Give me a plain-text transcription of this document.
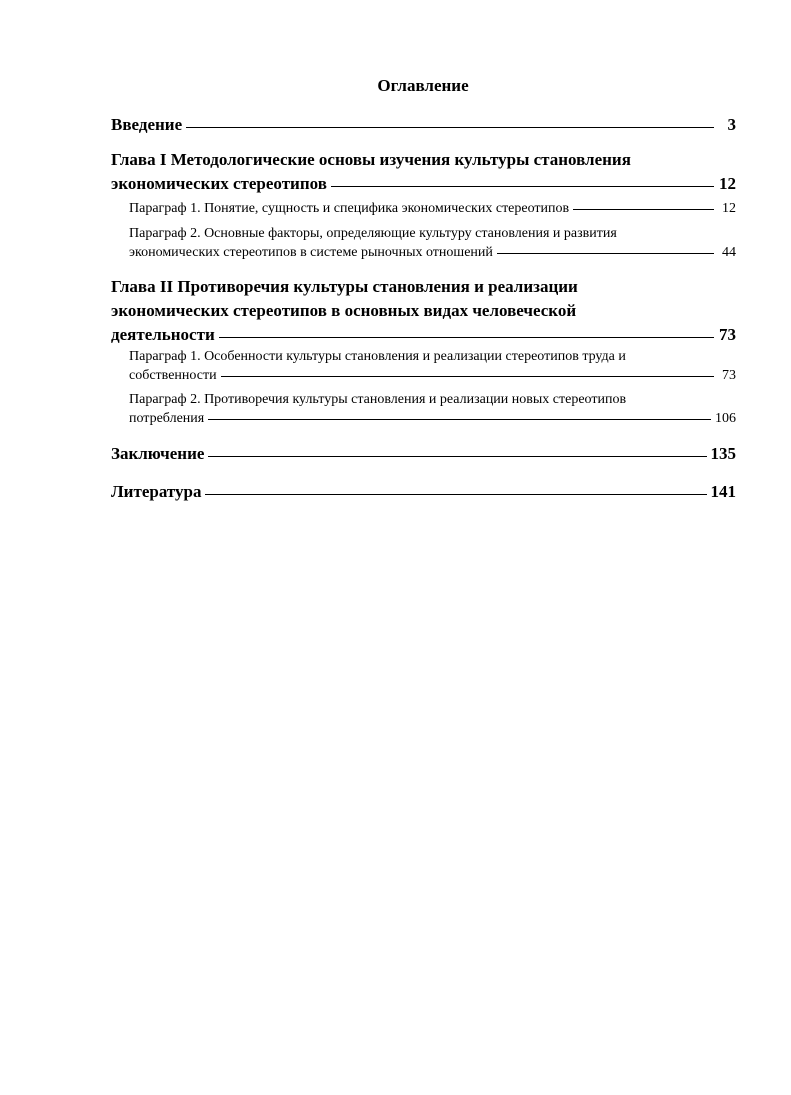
Оглавление
Введение	3
Глава I Методологические основы изучения культуры становления
экономических стереотипов	12
Параграф 1. Понятие, сущность и специфика экономических стереотипов	12
Параграф 2. Основные факторы, определяющие культуру становления и развития
экономических стереотипов в системе рыночных отношений	44
Глава II Противоречия культуры становления и реализации
экономических стереотипов в основных видах человеческой
деятельности	73
Параграф 1. Особенности культуры становления и реализации стереотипов труда и
собственности	73
Параграф 2. Противоречия культуры становления и реализации новых стереотипов
потребления	106
Заключение	135
Литература	141
